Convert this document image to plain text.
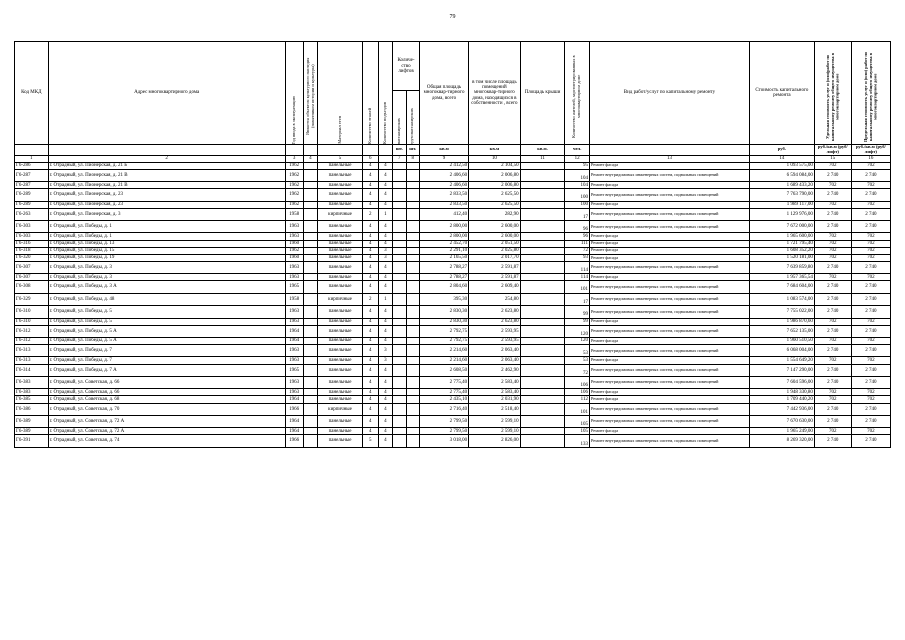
79
Код МКД	Адрес многоквартирного дома	Год ввода в эксплуатацию	Является объектом культурного наследия (памятником истории и культуры)	Материал стен	Количество этажей	Количество подъездов	Количе-ство лифтов		Общая площадь многоквар-тирного дома, всего	в том числе площадь помещений многоквар-тирного дома, находящихся в собственности , всего	Площадь крыши	Количество жителей, зарегистрированных в многоквартирном доме	Вид работ/услуг по капитальному ремонту	Стоимость капитального ремонта	Удельная стоимость услуг и (или)работ по капитальному ремонту общего имущества в многоквартирном доме	Предельная стоимость услуг и (или) работ по капитальному ремонту общего имущества в многоквартирном доме

							пассажирских	грузопассажирских								

							шт.	шт.	кв.м	кв.м	кв.м.	чел.		руб.	руб./кв.м (руб/лифт)	руб./кв.м (руб/лифт)
1	2	3	4	5	6		7	8	9	10	11	12	13	14	15	16
Г6-286	г. Отрадный, ул. Пионерская, д. 21 Б	1962		панельные	4	4			2 412,50	2 104,50		95	Ремонт фасада	1 093 575,00	702	702
Г6-287	г. Отрадный, ул. Пионерская, д. 21 В	1962		панельные	4	4			2 406,60	2 006,80		104	Ремонт внутридомовых инженерных систем, подвальных помещений	6 594 084,00	2 740	2 740
Г6-287	г. Отрадный, ул. Пионерская, д. 21 В	1962		панельные	4	4			2 406,60	2 006,80		104	Ремонт фасада	1 689 433,20	702	702
Г6-289	г. Отрадный, ул. Пионерская, д. 23	1962		панельные	4	4			2 833,50	2 625,50		100	Ремонт внутридомовых инженерных систем, подвальных помещений	7 763 790,00	2 740	2 740
Г6-289	г. Отрадный, ул. Пионерская, д. 23	1962		панельные	4	4			2 833,50	2 625,50		100	Ремонт фасада	1 989 117,00	702	702
Г6-263	г. Отрадный, ул. Пионерская, д. 3	1958		кирпичные	2	1			412,40	282,90		17	Ремонт внутридомовых инженерных систем, подвальных помещений	1 129 976,00	2 740	2 740
Г6-303	г. Отрадный, ул. Победы, д. 1	1963		панельные	4	4			2 800,00	2 600,00		96	Ремонт внутридомовых инженерных систем, подвальных помещений	7 672 000,00	2 740	2 740
Г6-303	г. Отрадный, ул. Победы, д. 1	1963		панельные	4	4			2 800,00	2 600,00		96	Ремонт фасада	1 965 600,00	702	702
Г6-316	г. Отрадный, ул. Победы, д. 13	1960		панельные	4	4			2 452,70	2 051,50		111	Ремонт фасада	1 721 795,40	702	702
Г6-318	г. Отрадный, ул. Победы, д. 15	1962		панельные	4	3			2 291,10	2 025,80		72	Ремонт фасада	1 608 352,20	702	702
Г6-320	г. Отрадный, ул. Победы, д. 19	1960		панельные	4	3			2 165,50	2 017,70		93	Ремонт фасада	1 520 181,00	702	702
Г6-307	г. Отрадный, ул. Победы, д. 3	1963		панельные	4	4			2 788,27	2 591,87		114	Ремонт внутридомовых инженерных систем, подвальных помещений	7 639 859,80	2 740	2 740
Г6-307	г. Отрадный, ул. Победы, д. 3	1963		панельные	4	4			2 788,27	2 591,87		114	Ремонт фасада	1 957 365,54	702	702
Г6-308	г. Отрадный, ул. Победы, д. 3 А	1965		панельные	4	4			2 804,60	2 609,40		101	Ремонт внутридомовых инженерных систем, подвальных помещений	7 684 604,00	2 740	2 740
Г6-329	г. Отрадный, ул. Победы, д. 48	1958		кирпичные	2	1			395,30	254,80		17	Ремонт внутридомовых инженерных систем, подвальных помещений	1 083 574,00	2 740	2 740
Г6-310	г. Отрадный, ул. Победы, д. 5	1963		панельные	4	4			2 830,30	2 623,80		99	Ремонт внутридомовых инженерных систем, подвальных помещений	7 755 022,00	2 740	2 740
Г6-310	г. Отрадный, ул. Победы, д. 5	1963		панельные	4	4			2 830,30	2 623,80		99	Ремонт фасада	1 986 870,60	702	702
Г6-312	г. Отрадный, ул. Победы, д. 5 А	1964		панельные	4	4			2 792,75	2 593,95		120	Ремонт внутридомовых инженерных систем, подвальных помещений	7 652 135,00	2 740	2 740
Г6-312	г. Отрадный, ул. Победы, д. 5 А	1964		панельные	4	4			2 792,75	2 593,95		120	Ремонт фасада	1 960 510,50	702	702
Г6-313	г. Отрадный, ул. Победы, д. 7	1963		панельные	4	3			2 214,60	2 063,40		53	Ремонт внутридомовых инженерных систем, подвальных помещений	6 068 004,00	2 740	2 740
Г6-313	г. Отрадный, ул. Победы, д. 7	1963		панельные	4	3			2 214,60	2 063,40		53	Ремонт фасада	1 554 649,20	702	702
Г6-314	г. Отрадный, ул. Победы, д. 7 А	1965		панельные	4	4			2 608,50	2 462,90		72	Ремонт внутридомовых инженерных систем, подвальных помещений	7 147 290,00	2 740	2 740
Г6-383	г. Отрадный, ул. Советская, д. 66	1963		панельные	4	4			2 775,40	2 583,40		106	Ремонт внутридомовых инженерных систем, подвальных помещений	7 604 596,00	2 740	2 740
Г6-383	г. Отрадный, ул. Советская, д. 66	1963		панельные	4	4			2 775,40	2 583,40		106	Ремонт фасада	1 948 330,80	702	702
Г6-385	г. Отрадный, ул. Советская, д. 68	1964		панельные	4	4			2 435,10	2 031,90		112	Ремонт фасада	1 709 440,20	702	702
Г6-386	г. Отрадный, ул. Советская, д. 70	1966		кирпичные	4	4			2 716,40	2 518,40		101	Ремонт внутридомовых инженерных систем, подвальных помещений	7 442 936,00	2 740	2 740
Г6-389	г. Отрадный, ул. Советская, д. 72 А	1964		панельные	4	4			2 799,50	2 599,10		105	Ремонт внутридомовых инженерных систем, подвальных помещений	7 670 630,00	2 740	2 740
Г6-389	г. Отрадный, ул. Советская, д. 72 А	1964		панельные	4	4			2 799,50	2 599,10		105	Ремонт фасада	1 965 249,00	702	702
Г6-391	г. Отрадный, ул. Советская, д. 74	1966		панельные	5	4			3 018,00	2 826,00		133	Ремонт внутридомовых инженерных систем, подвальных помещений	8 269 320,00	2 740	2 740
